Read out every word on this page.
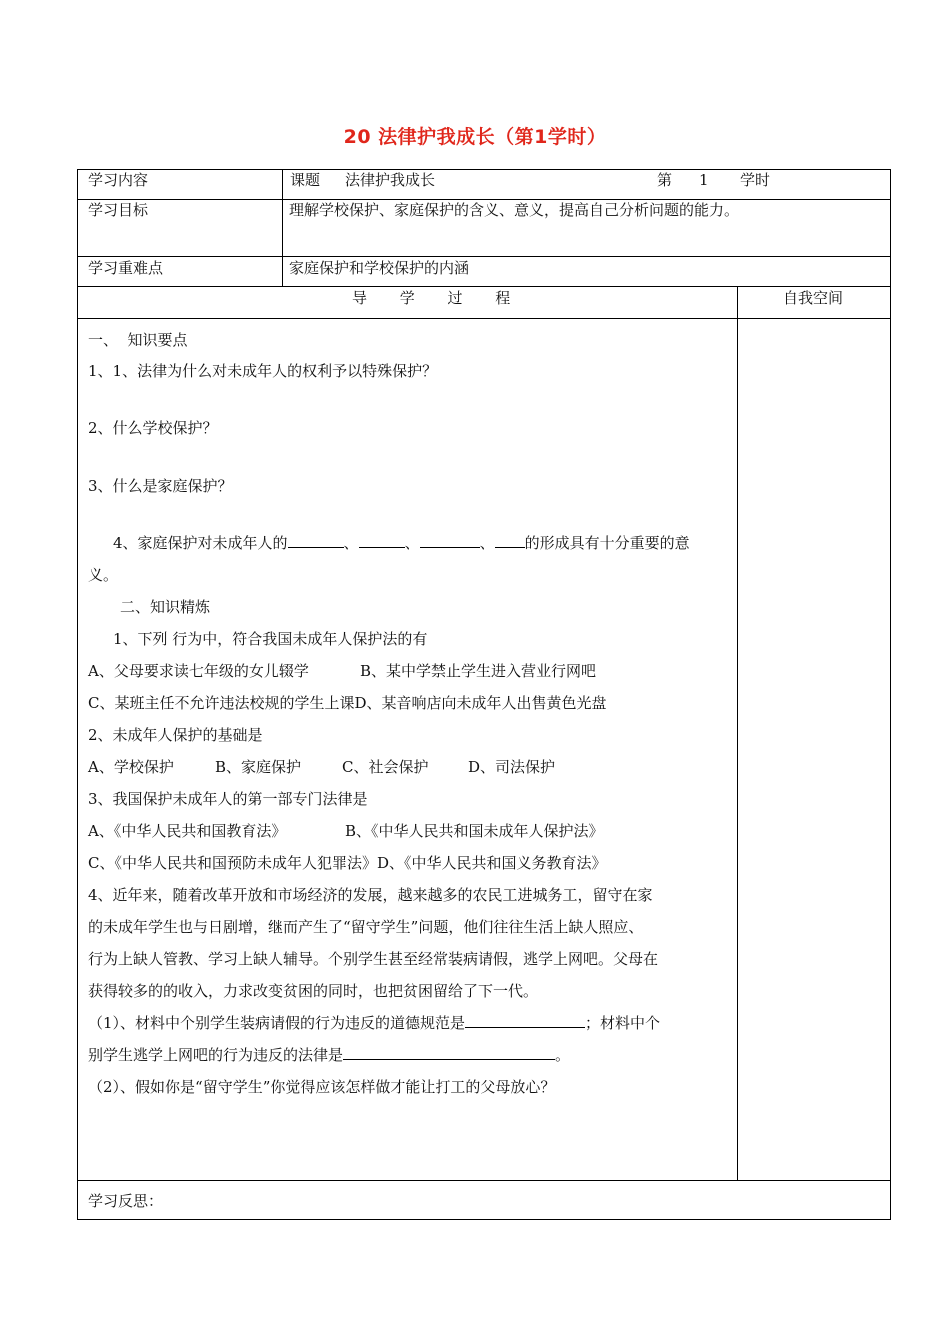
20 法律护我成长（第1学时）
学习内容	课题 法律护我成长	第 1 学时
学习目标	理解学校保护、家庭保护的含义、意义，提高自己分析问题的能力。
学习重难点	家庭保护和学校保护的内涵
导 学 过 程	自我空间
一、  知识要点
1、1、法律为什么对未成年人的权利予以特殊保护？
2、什么学校保护？
3、什么是家庭保护？
4、家庭保护对未成年人的	、	、	、 的形成具有十分重要的意
义。
二、知识精炼
1、下列 行为中，符合我国未成年人保护法的有
A、父母要求读七年级的女儿辍学	B、某中学禁止学生进入营业行网吧
C、某班主任不允许违法校规的学生上课D、某音响店向未成年人出售黄色光盘
2、未成年人保护的基础是
A、学校保护	B、家庭保护	C、社会保护	D、司法保护
3、我国保护未成年人的第一部专门法律是
A、《中华人民共和国教育法》	B、《中华人民共和国未成年人保护法》
C、《中华人民共和国预防未成年人犯罪法》D、《中华人民共和国义务教育法》
4、近年来，随着改革开放和市场经济的发展，越来越多的农民工进城务工，留守在家
的未成年学生也与日剧增，继而产生了“留守学生”问题，他们往往生活上缺人照应、
行为上缺人管教、学习上缺人辅导。个别学生甚至经常装病请假，逃学上网吧。父母在
获得较多的的收入，力求改变贫困的同时，也把贫困留给了下一代。
（1）、材料中个别学生装病请假的行为违反的道德规范是	；材料中个
别学生逃学上网吧的行为违反的法律是	。
（2）、假如你是“留守学生”你觉得应该怎样做才能让打工的父母放心？
学习反思：
